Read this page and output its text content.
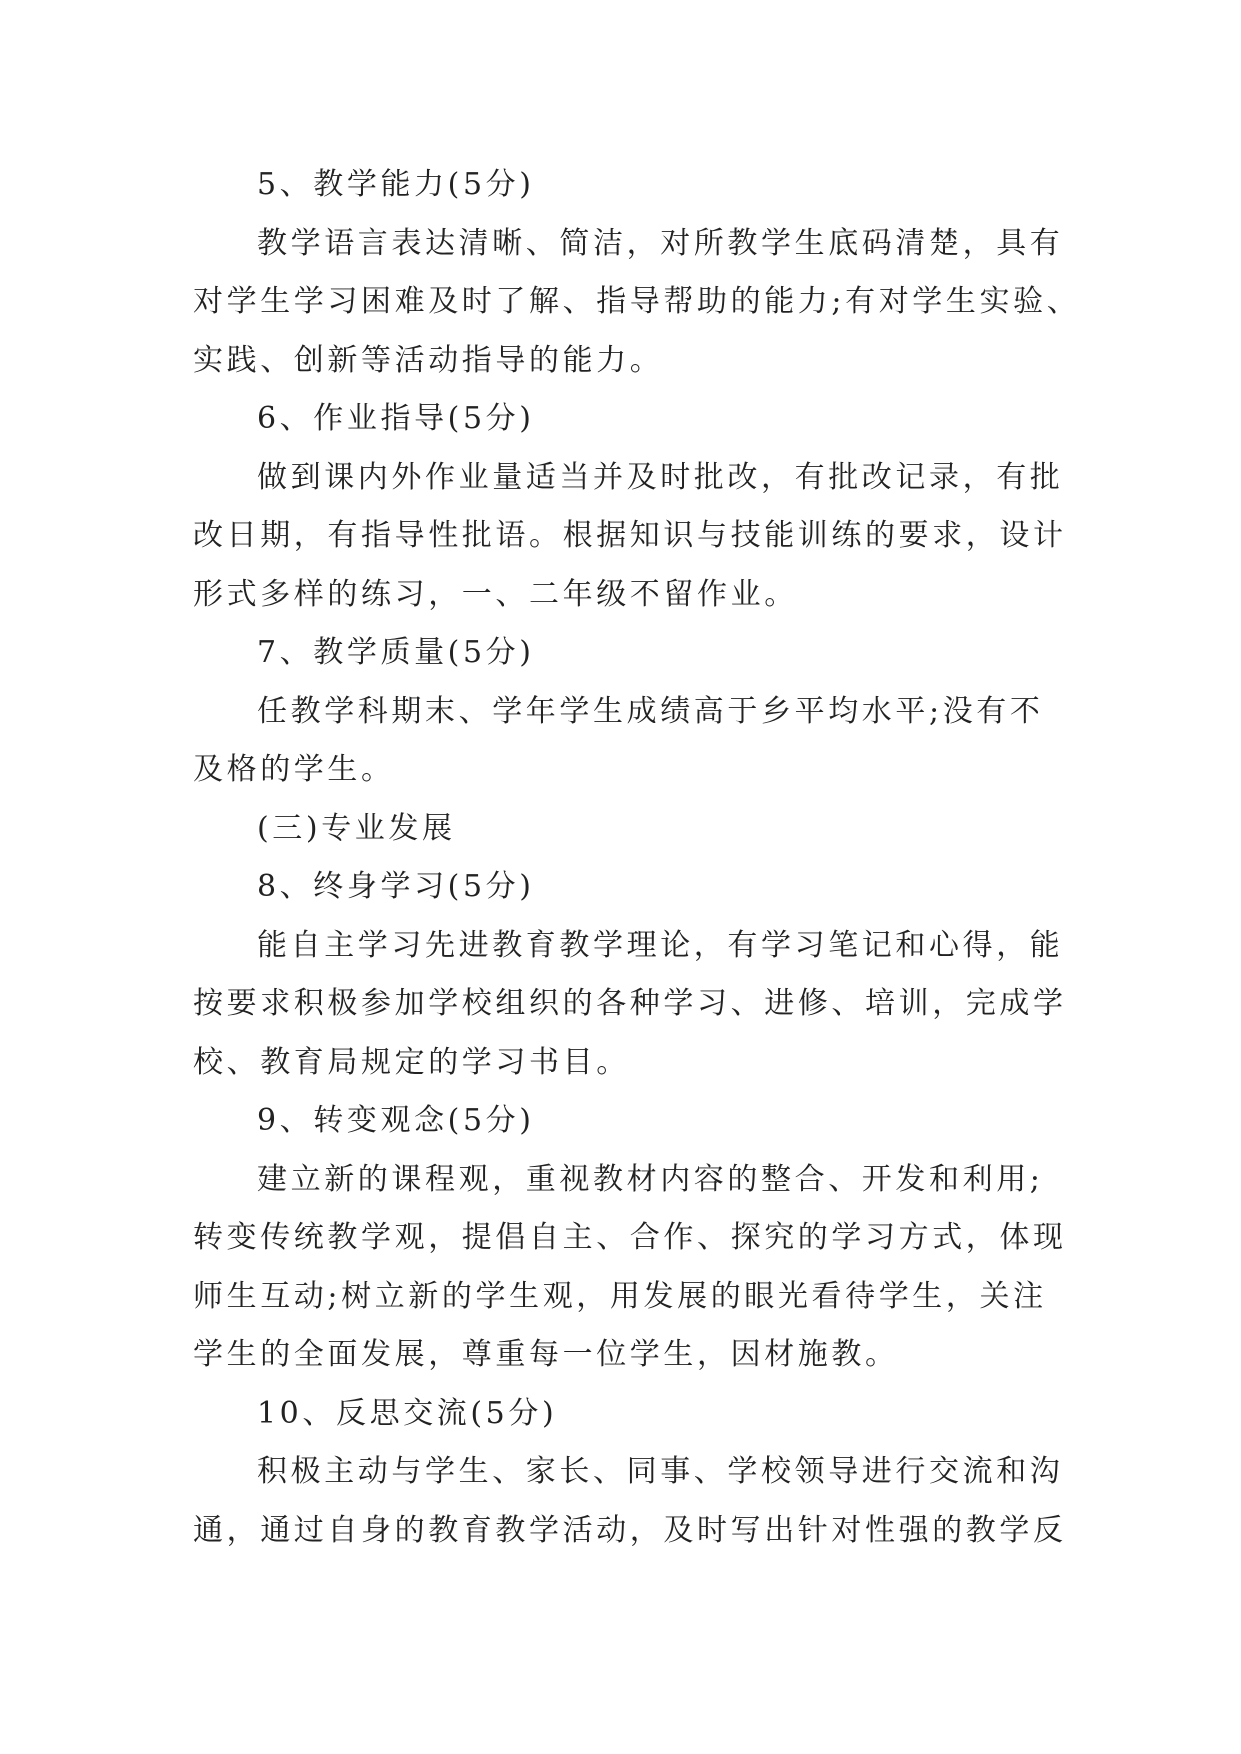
5、教学能力(5分)
教学语言表达清晰、简洁，对所教学生底码清楚，具有
对学生学习困难及时了解、指导帮助的能力;有对学生实验、
实践、创新等活动指导的能力。
6、作业指导(5分)
做到课内外作业量适当并及时批改，有批改记录，有批
改日期，有指导性批语。根据知识与技能训练的要求，设计
形式多样的练习，一、二年级不留作业。
7、教学质量(5分)
任教学科期末、学年学生成绩高于乡平均水平;没有不
及格的学生。
(三)专业发展
8、终身学习(5分)
能自主学习先进教育教学理论，有学习笔记和心得，能
按要求积极参加学校组织的各种学习、进修、培训，完成学
校、教育局规定的学习书目。
9、转变观念(5分)
建立新的课程观，重视教材内容的整合、开发和利用;
转变传统教学观，提倡自主、合作、探究的学习方式，体现
师生互动;树立新的学生观，用发展的眼光看待学生，关注
学生的全面发展，尊重每一位学生，因材施教。
10、反思交流(5分)
积极主动与学生、家长、同事、学校领导进行交流和沟
通，通过自身的教育教学活动，及时写出针对性强的教学反
